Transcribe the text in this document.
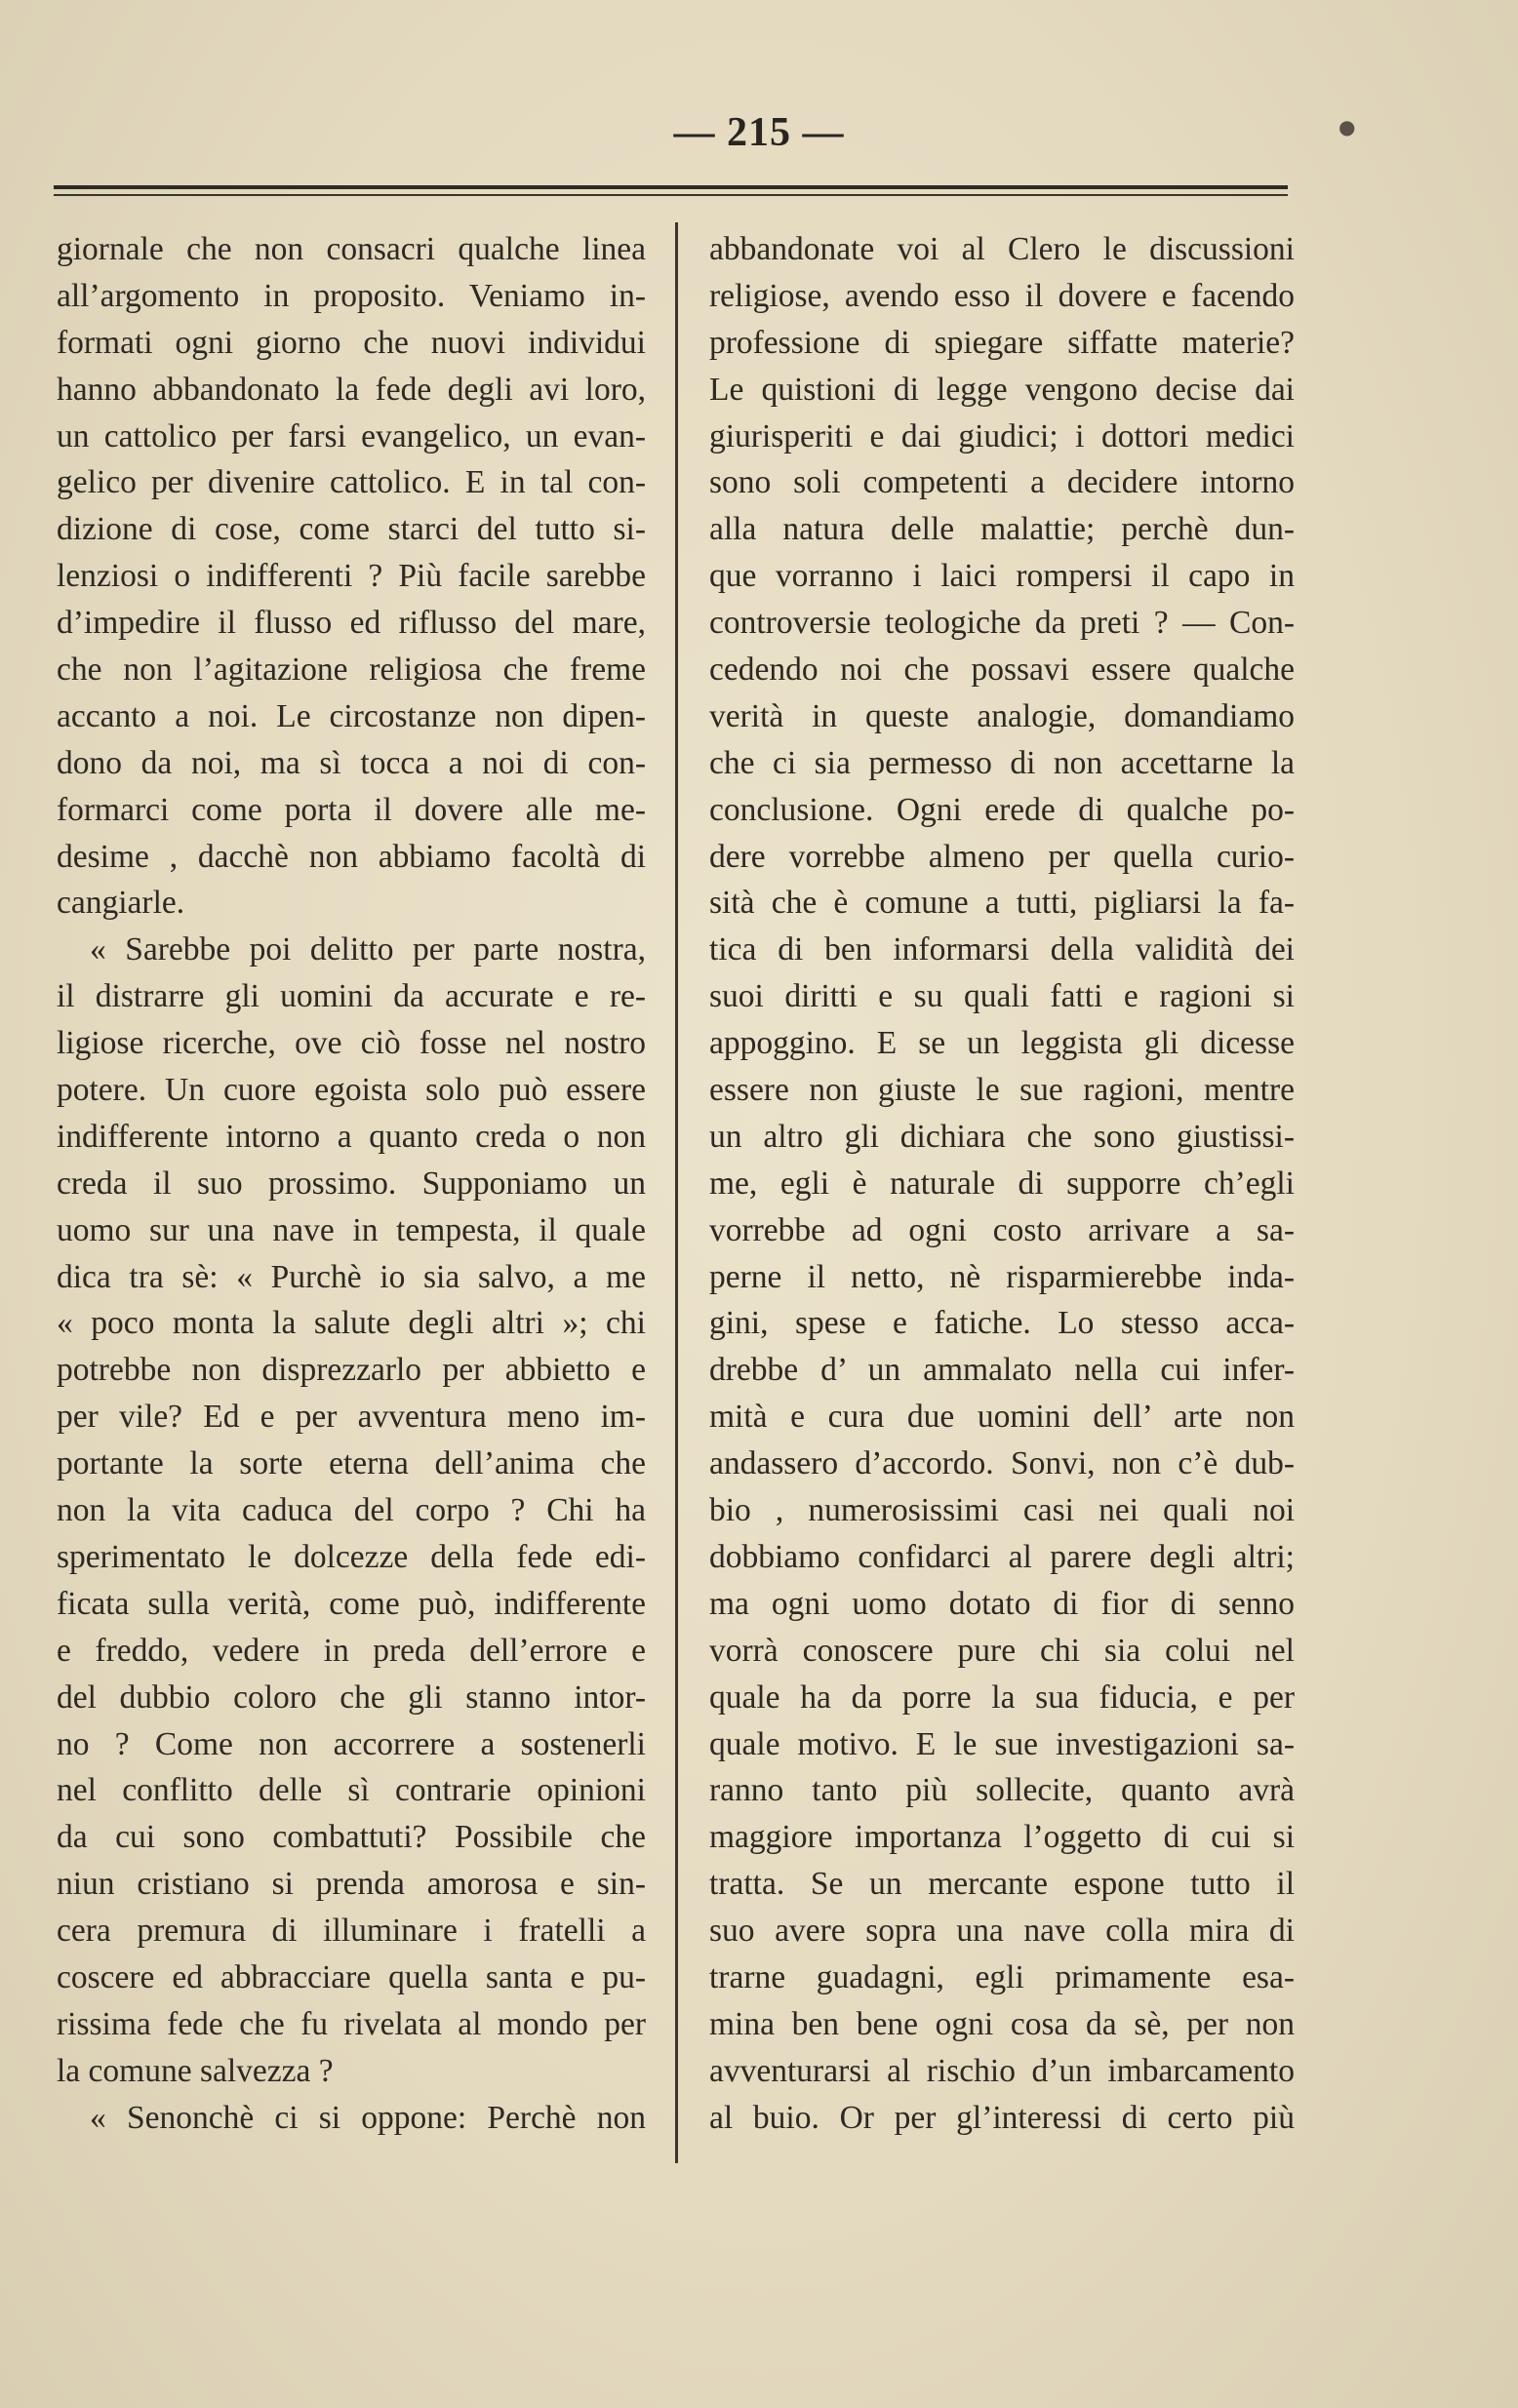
— 215 —
giornale che non consacri qualche linea
all’argomento in proposito. Veniamo in-
formati ogni giorno che nuovi individui
hanno abbandonato la fede degli avi loro,
un cattolico per farsi evangelico, un evan-
gelico per divenire cattolico. E in tal con-
dizione di cose, come starci del tutto si-
lenziosi o indifferenti ? Più facile sarebbe
d’impedire il flusso ed riflusso del mare,
che non l’agitazione religiosa che freme
accanto a noi. Le circostanze non dipen-
dono da noi, ma sì tocca a noi di con-
formarci come porta il dovere alle me-
desime , dacchè non abbiamo facoltà di
cangiarle.
« Sarebbe poi delitto per parte nostra,
il distrarre gli uomini da accurate e re-
ligiose ricerche, ove ciò fosse nel nostro
potere. Un cuore egoista solo può essere
indifferente intorno a quanto creda o non
creda il suo prossimo. Supponiamo un
uomo sur una nave in tempesta, il quale
dica tra sè: « Purchè io sia salvo, a me
« poco monta la salute degli altri »; chi
potrebbe non disprezzarlo per abbietto e
per vile? Ed e per avventura meno im-
portante la sorte eterna dell’anima che
non la vita caduca del corpo ? Chi ha
sperimentato le dolcezze della fede edi-
ficata sulla verità, come può, indifferente
e freddo, vedere in preda dell’errore e
del dubbio coloro che gli stanno intor-
no ? Come non accorrere a sostenerli
nel conflitto delle sì contrarie opinioni
da cui sono combattuti? Possibile che
niun cristiano si prenda amorosa e sin-
cera premura di illuminare i fratelli a
coscere ed abbracciare quella santa e pu-
rissima fede che fu rivelata al mondo per
la comune salvezza ?
« Senonchè ci si oppone: Perchè non
abbandonate voi al Clero le discussioni
religiose, avendo esso il dovere e facendo
professione di spiegare siffatte materie?
Le quistioni di legge vengono decise dai
giurisperiti e dai giudici; i dottori medici
sono soli competenti a decidere intorno
alla natura delle malattie; perchè dun-
que vorranno i laici rompersi il capo in
controversie teologiche da preti ? — Con-
cedendo noi che possavi essere qualche
verità in queste analogie, domandiamo
che ci sia permesso di non accettarne la
conclusione. Ogni erede di qualche po-
dere vorrebbe almeno per quella curio-
sità che è comune a tutti, pigliarsi la fa-
tica di ben informarsi della validità dei
suoi diritti e su quali fatti e ragioni si
appoggino. E se un leggista gli dicesse
essere non giuste le sue ragioni, mentre
un altro gli dichiara che sono giustissi-
me, egli è naturale di supporre ch’egli
vorrebbe ad ogni costo arrivare a sa-
perne il netto, nè risparmierebbe inda-
gini, spese e fatiche. Lo stesso acca-
drebbe d’ un ammalato nella cui infer-
mità e cura due uomini dell’ arte non
andassero d’accordo. Sonvi, non c’è dub-
bio , numerosissimi casi nei quali noi
dobbiamo confidarci al parere degli altri;
ma ogni uomo dotato di fior di senno
vorrà conoscere pure chi sia colui nel
quale ha da porre la sua fiducia, e per
quale motivo. E le sue investigazioni sa-
ranno tanto più sollecite, quanto avrà
maggiore importanza l’oggetto di cui si
tratta. Se un mercante espone tutto il
suo avere sopra una nave colla mira di
trarne guadagni, egli primamente esa-
mina ben bene ogni cosa da sè, per non
avventurarsi al rischio d’un imbarcamento
al buio. Or per gl’interessi di certo più
●
